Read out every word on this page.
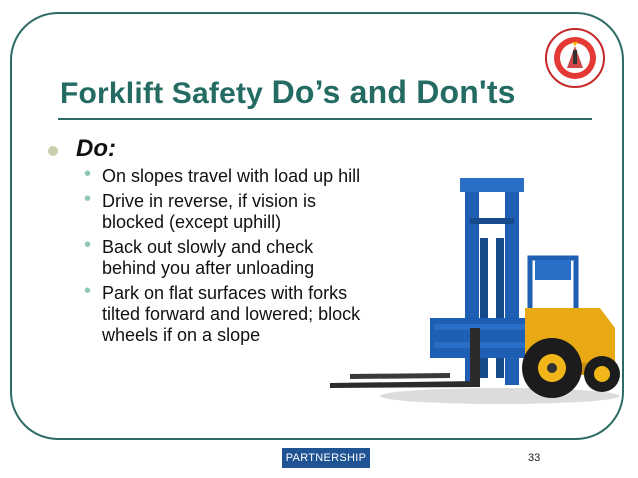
Forklift Safety Do’s and Don'ts
Do:
• On slopes travel with load up hill
• Drive in reverse, if vision is blocked (except uphill)
• Back out slowly and check behind you after unloading
• Park on flat surfaces with forks tilted forward and lowered; block wheels if on a slope
PARTNERSHIP	33
